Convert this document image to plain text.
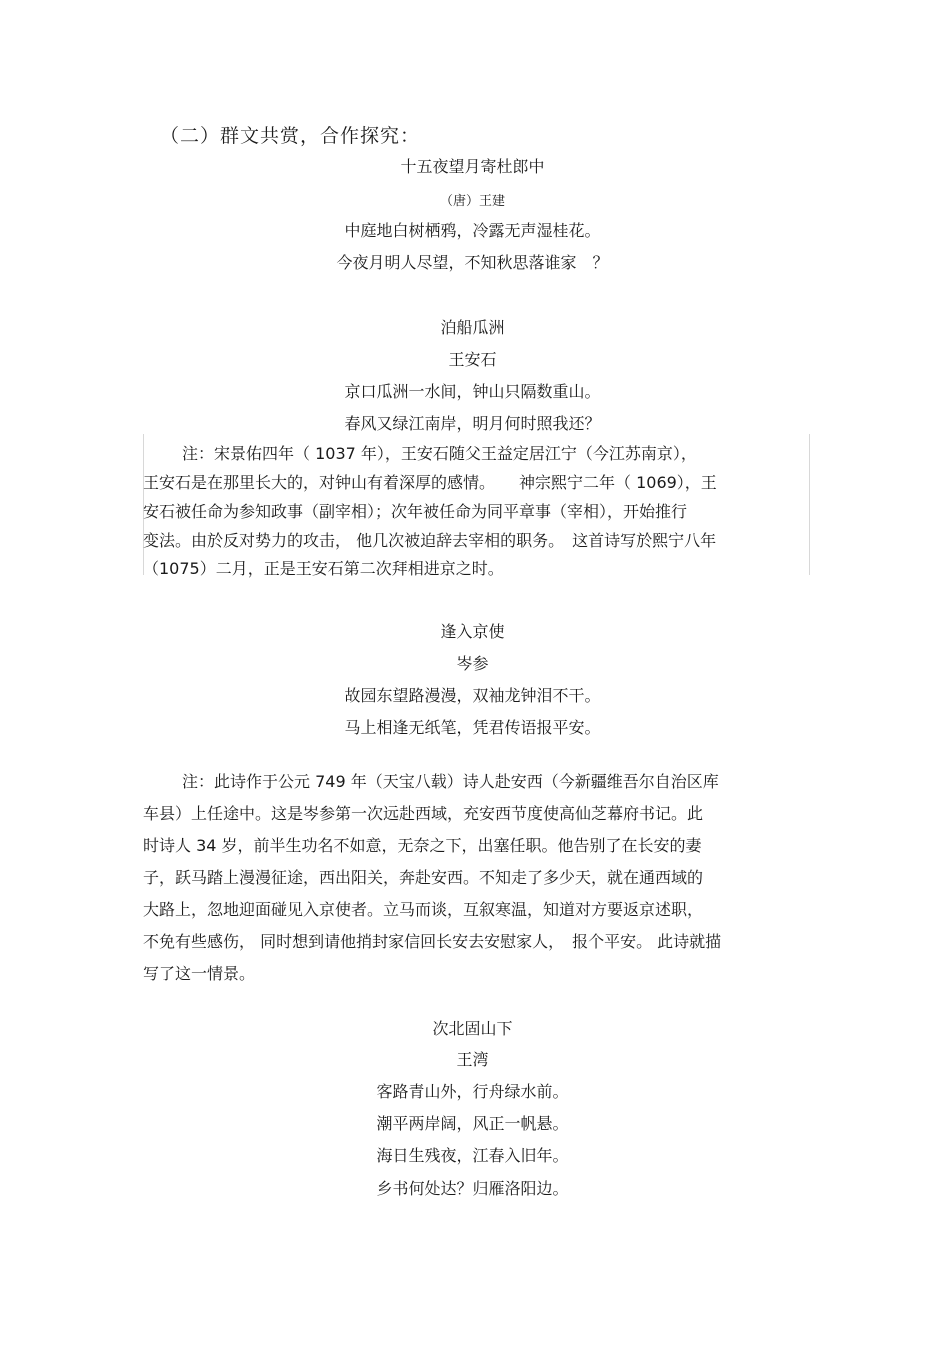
（二）群文共赏，合作探究：
十五夜望月寄杜郎中
（唐）王建
中庭地白树栖鸦，冷露无声湿桂花。
今夜月明人尽望，不知秋思落谁家　？
泊船瓜洲
王安石
京口瓜洲一水间，钟山只隔数重山。
春风又绿江南岸，明月何时照我还？
注：宋景佑四年（ 1037 年），王安石随父王益定居江宁（今江苏南京），
王安石是在那里长大的，对钟山有着深厚的感情。　　神宗熙宁二年（ 1069），王
安石被任命为参知政事（副宰相）；次年被任命为同平章事（宰相），开始推行
变法。由於反对势力的攻击， 他几次被迫辞去宰相的职务。　这首诗写於熙宁八年
（1075）二月，正是王安石第二次拜相进京之时。
逢入京使
岑参
故园东望路漫漫，双袖龙钟泪不干。
马上相逢无纸笔，凭君传语报平安。
注：此诗作于公元 749 年（天宝八载）诗人赴安西（今新疆维吾尔自治区库
车县）上任途中。这是岑参第一次远赴西域，充安西节度使高仙芝幕府书记。此
时诗人 34 岁，前半生功名不如意，无奈之下，出塞任职。他告别了在长安的妻
子，跃马踏上漫漫征途，西出阳关，奔赴安西。不知走了多少天，就在通西域的
大路上，忽地迎面碰见入京使者。立马而谈，互叙寒温，知道对方要返京述职，
不免有些感伤， 同时想到请他捎封家信回长安去安慰家人，　报个平安。 此诗就描
写了这一情景。
次北固山下
王湾
客路青山外，行舟绿水前。
潮平两岸阔，风正一帆悬。
海日生残夜，江春入旧年。
乡书何处达？归雁洛阳边。
